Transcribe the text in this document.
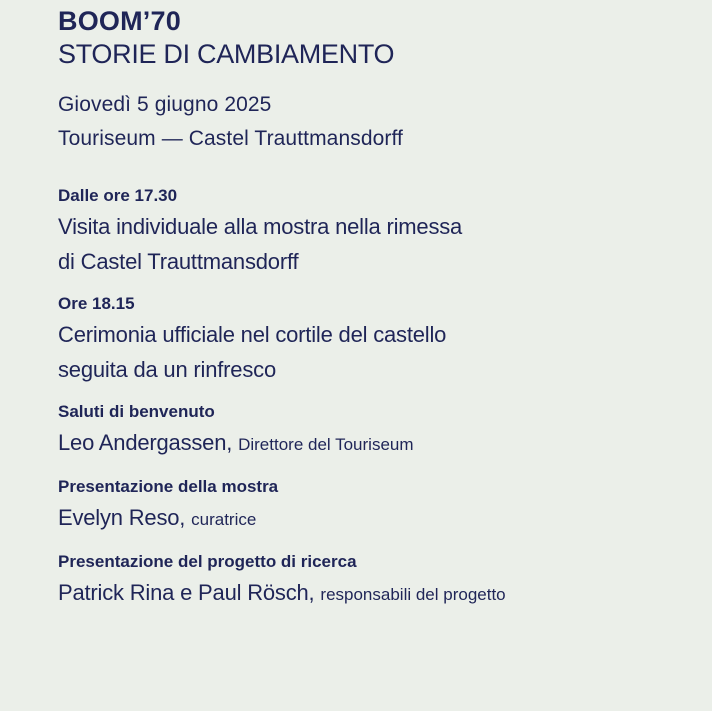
BOOM’70
STORIE DI CAMBIAMENTO
Giovedì 5 giugno 2025
Touriseum — Castel Trauttmansdorff
Dalle ore 17.30
Visita individuale alla mostra nella rimessa
di Castel Trauttmansdorff
Ore 18.15
Cerimonia ufficiale nel cortile del castello
seguita da un rinfresco
Saluti di benvenuto
Leo Andergassen, Direttore del Touriseum
Presentazione della mostra
Evelyn Reso, curatrice
Presentazione del progetto di ricerca
Patrick Rina e Paul Rösch, responsabili del progetto
